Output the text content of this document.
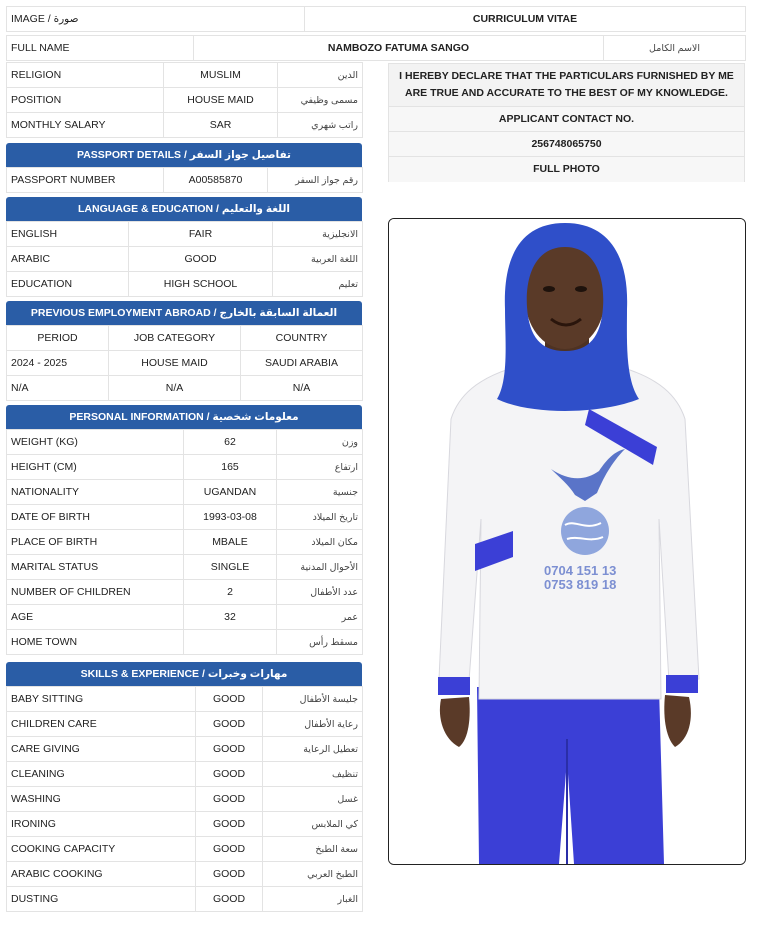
IMAGE / صورة	CURRICULUM VITAE
FULL NAME	NAMBOZO FATUMA SANGO	الاسم الكامل
RELIGION	MUSLIM	الدين
POSITION	HOUSE MAID	مسمى وظيفي
MONTHLY SALARY	SAR	راتب شهري
I HEREBY DECLARE THAT THE PARTICULARS FURNISHED BY ME ARE TRUE AND ACCURATE TO THE BEST OF MY KNOWLEDGE.
APPLICANT CONTACT NO.
256748065750
FULL PHOTO
PASSPORT DETAILS / تفاصيل جواز السفر
PASSPORT NUMBER	A00585870	رقم جواز السفر
LANGUAGE & EDUCATION / اللغة والتعليم
ENGLISH	FAIR	الانجليزية
ARABIC	GOOD	اللغة العربية
EDUCATION	HIGH SCHOOL	تعليم
PREVIOUS EMPLOYMENT ABROAD / العمالة السابقة بالخارج
PERIOD	JOB CATEGORY	COUNTRY
2024 - 2025	HOUSE MAID	SAUDI ARABIA
N/A	N/A	N/A
PERSONAL INFORMATION / معلومات شخصية
WEIGHT (KG)	62	وزن
HEIGHT (CM)	165	ارتفاع
NATIONALITY	UGANDAN	جنسية
DATE OF BIRTH	1993-03-08	تاريخ الميلاد
PLACE OF BIRTH	MBALE	مكان الميلاد
MARITAL STATUS	SINGLE	الأحوال المدنية
NUMBER OF CHILDREN	2	عدد الأطفال
AGE	32	عمر
HOME TOWN		مسقط رأس
SKILLS & EXPERIENCE / مهارات وخبرات
BABY SITTING	GOOD	جليسة الأطفال
CHILDREN CARE	GOOD	رعاية الأطفال
CARE GIVING	GOOD	تعطيل الرعاية
CLEANING	GOOD	تنظيف
WASHING	GOOD	غسل
IRONING	GOOD	كي الملابس
COOKING CAPACITY	GOOD	سعة الطبخ
ARABIC COOKING	GOOD	الطبخ العربي
DUSTING	GOOD	الغبار
0704 151 13
0753 819 18
